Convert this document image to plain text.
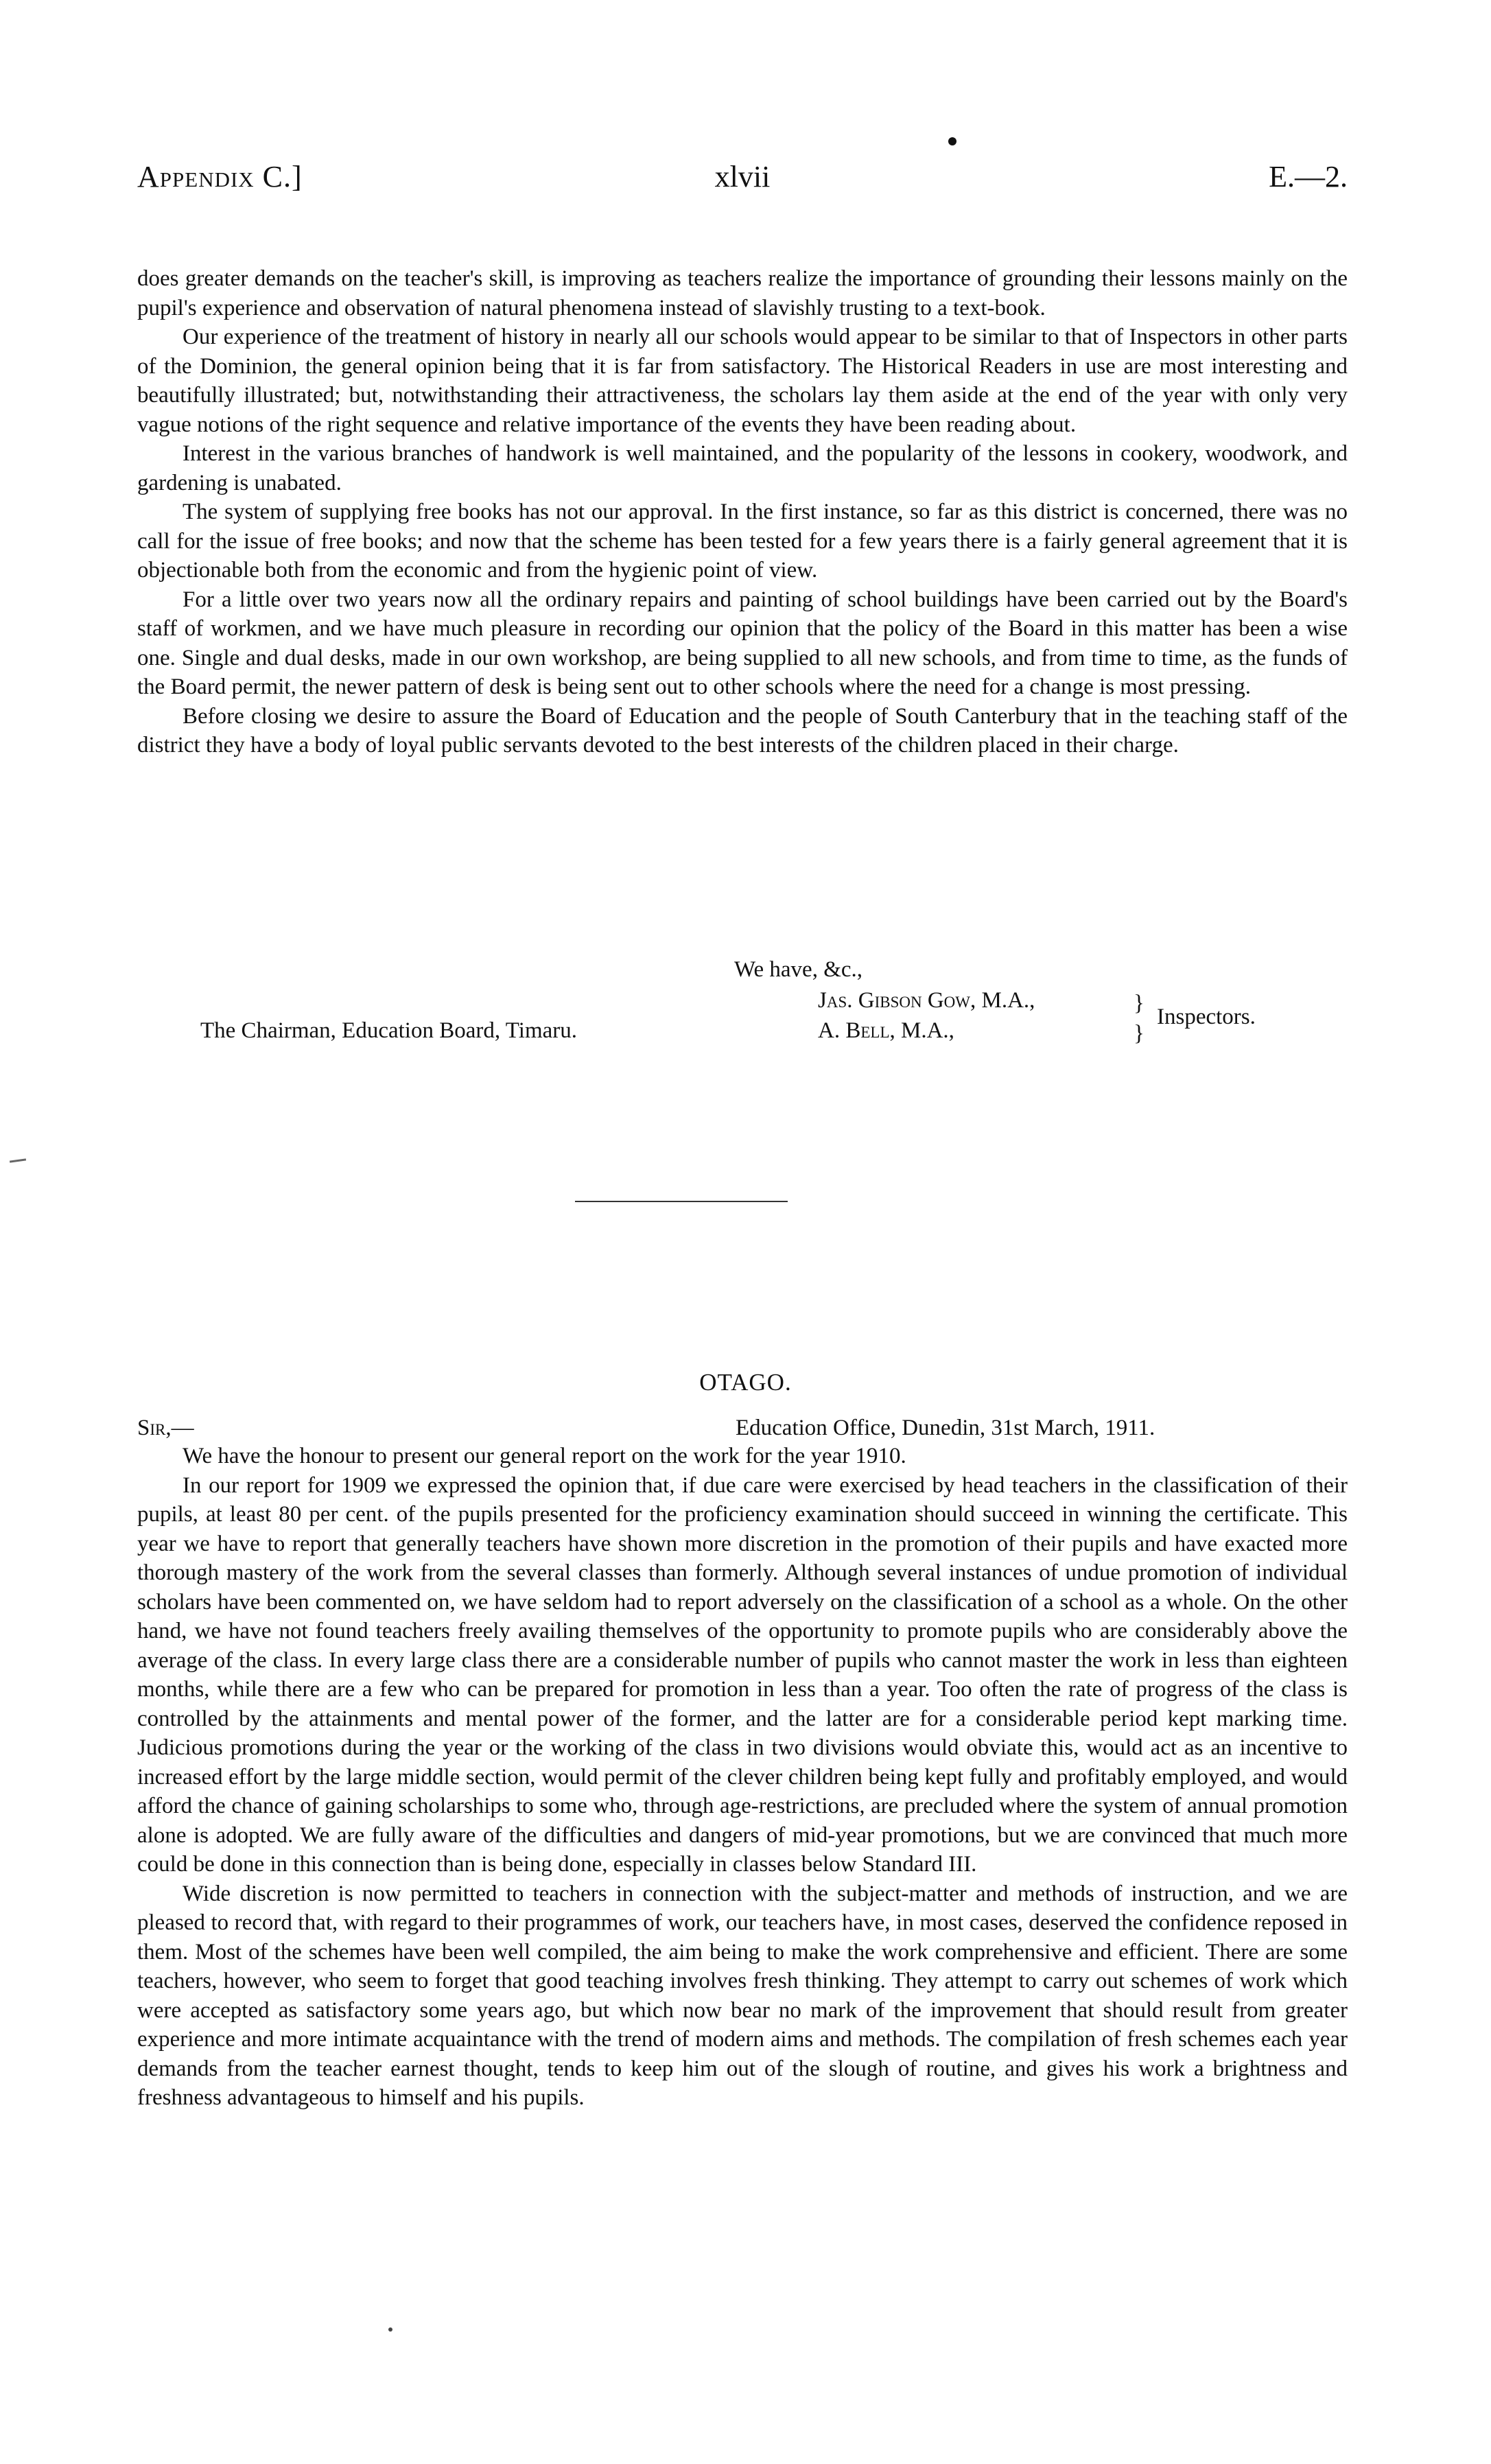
Appendix C.]	xlvii	E.—2.

does greater demands on the teacher's skill, is improving as teachers realize the importance of grounding their lessons mainly on the pupil's experience and observation of natural phenomena instead of slavishly trusting to a text-book.

Our experience of the treatment of history in nearly all our schools would appear to be similar to that of Inspectors in other parts of the Dominion, the general opinion being that it is far from satisfactory. The Historical Readers in use are most interesting and beautifully illustrated; but, notwithstanding their attractiveness, the scholars lay them aside at the end of the year with only very vague notions of the right sequence and relative importance of the events they have been reading about.

Interest in the various branches of handwork is well maintained, and the popularity of the lessons in cookery, woodwork, and gardening is unabated.

The system of supplying free books has not our approval. In the first instance, so far as this district is concerned, there was no call for the issue of free books; and now that the scheme has been tested for a few years there is a fairly general agreement that it is objectionable both from the economic and from the hygienic point of view.

For a little over two years now all the ordinary repairs and painting of school buildings have been carried out by the Board's staff of workmen, and we have much pleasure in recording our opinion that the policy of the Board in this matter has been a wise one. Single and dual desks, made in our own workshop, are being supplied to all new schools, and from time to time, as the funds of the Board permit, the newer pattern of desk is being sent out to other schools where the need for a change is most pressing.

Before closing we desire to assure the Board of Education and the people of South Canterbury that in the teaching staff of the district they have a body of loyal public servants devoted to the best interests of the children placed in their charge.

We have, &c.,
Jas. Gibson Gow, M.A.,
The Chairman, Education Board, Timaru.	A. Bell, M.A.,
}
}
Inspectors.
OTAGO.
Sir,—	Education Office, Dunedin, 31st March, 1911.

We have the honour to present our general report on the work for the year 1910.

In our report for 1909 we expressed the opinion that, if due care were exercised by head teachers in the classification of their pupils, at least 80 per cent. of the pupils presented for the proficiency examination should succeed in winning the certificate. This year we have to report that generally teachers have shown more discretion in the promotion of their pupils and have exacted more thorough mastery of the work from the several classes than formerly. Although several instances of undue promotion of individual scholars have been commented on, we have seldom had to report adversely on the classification of a school as a whole. On the other hand, we have not found teachers freely availing themselves of the opportunity to promote pupils who are considerably above the average of the class. In every large class there are a considerable number of pupils who cannot master the work in less than eighteen months, while there are a few who can be prepared for promotion in less than a year. Too often the rate of progress of the class is controlled by the attainments and mental power of the former, and the latter are for a considerable period kept marking time. Judicious promotions during the year or the working of the class in two divisions would obviate this, would act as an incentive to increased effort by the large middle section, would permit of the clever children being kept fully and profitably employed, and would afford the chance of gaining scholarships to some who, through age-restrictions, are precluded where the system of annual promotion alone is adopted. We are fully aware of the difficulties and dangers of mid-year promotions, but we are convinced that much more could be done in this connection than is being done, especially in classes below Standard III.

Wide discretion is now permitted to teachers in connection with the subject-matter and methods of instruction, and we are pleased to record that, with regard to their programmes of work, our teachers have, in most cases, deserved the confidence reposed in them. Most of the schemes have been well compiled, the aim being to make the work comprehensive and efficient. There are some teachers, however, who seem to forget that good teaching involves fresh thinking. They attempt to carry out schemes of work which were accepted as satisfactory some years ago, but which now bear no mark of the improvement that should result from greater experience and more intimate acquaintance with the trend of modern aims and methods. The compilation of fresh schemes each year demands from the teacher earnest thought, tends to keep him out of the slough of routine, and gives his work a brightness and freshness advantageous to himself and his pupils.
